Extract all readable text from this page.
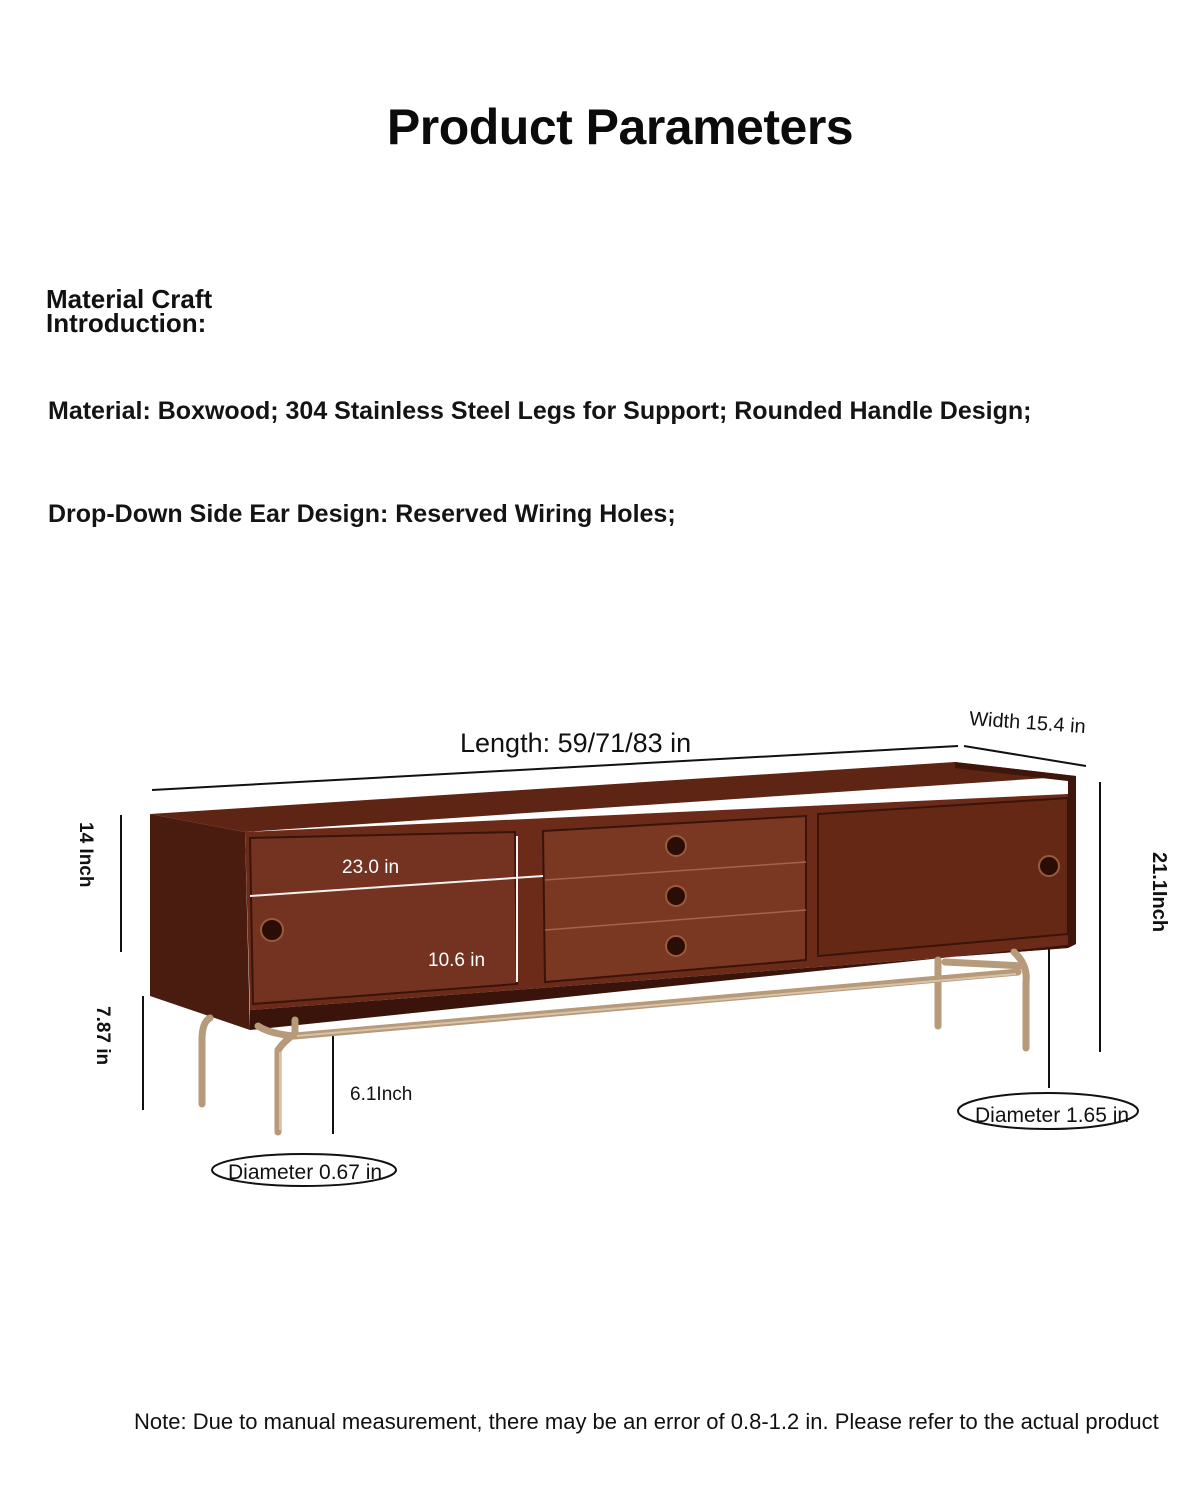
Product Parameters
Material Craft
Introduction:
Material: Boxwood; 304 Stainless Steel Legs for Support; Rounded Handle Design;
Drop-Down Side Ear Design: Reserved Wiring Holes;
Length: 59/71/83 in
Width 15.4 in
14 Inch	21.1Inch
7.87 in
23.0 in
10.6 in
6.1Inch
Diameter 0.67 in
Diameter 1.65 in
Note: Due to manual measurement, there may be an error of 0.8-1.2 in. Please refer to the actual product
